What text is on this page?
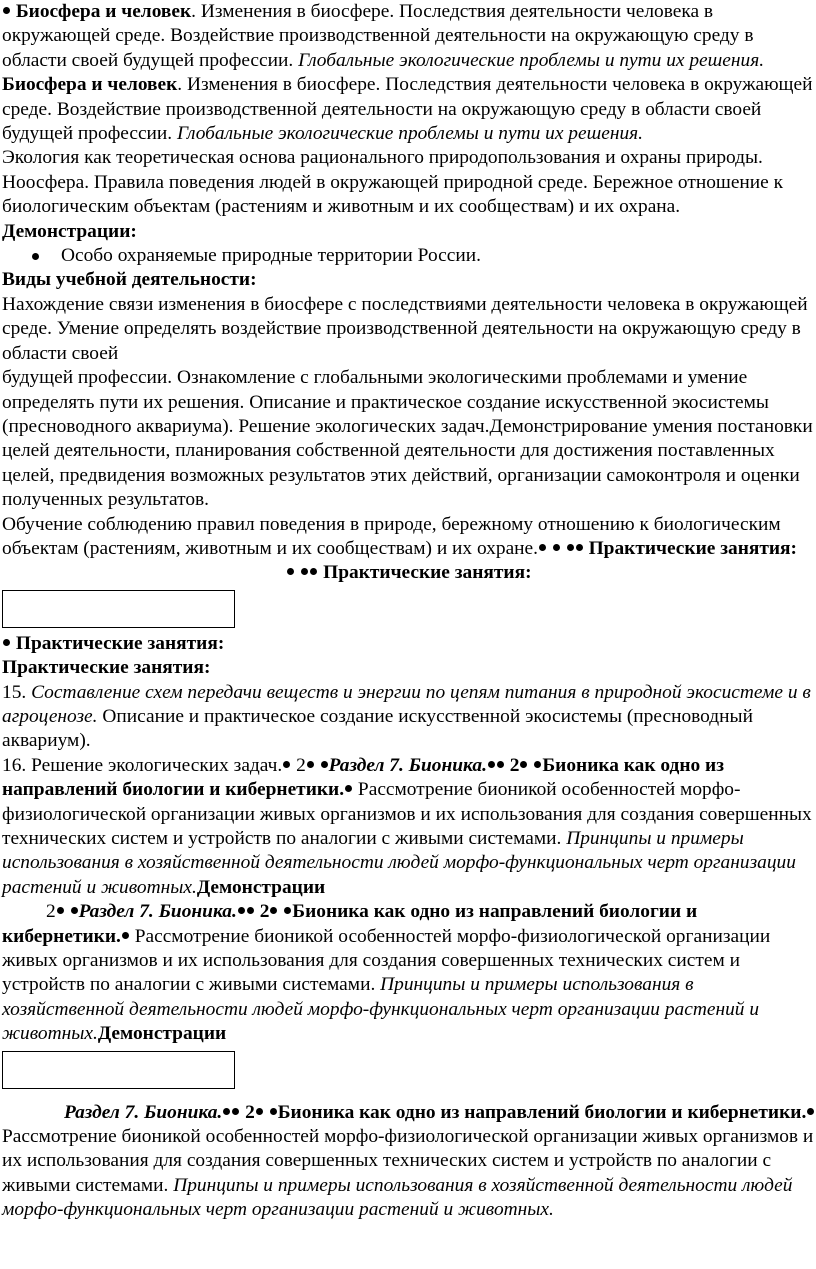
Биосфера и человек. Изменения в биосфере. Последствия деятельности человека в окружающей среде. Воздействие производственной деятельности на окружающую среду в области своей будущей профессии. Глобальные экологические проблемы и пути их решения.

Биосфера и человек. Изменения в биосфере. Последствия деятельности человека в окружающей среде. Воздействие производственной деятельности на окружающую среду в области своей будущей профессии. Глобальные экологические проблемы и пути их решения.

Экология как теоретическая основа рационального природопользования и охраны природы. Ноосфера. Правила поведения людей в окружающей природной среде. Бережное отношение к биологическим объектам (растениям и животным и их сообществам) и их охрана.

Демонстрации:

Особо охраняемые природные территории России.

Виды учебной деятельности:

Нахождение связи изменения в биосфере с последствиями деятельности человека в окружающей среде. Умение определять воздействие производственной деятельности на окружающую среду в области своей

будущей профессии. Ознакомление с глобальными экологическими проблемами и умение определять пути их решения. Описание и практическое создание искусственной экосистемы (пресноводного аквариума). Решение экологических задач.Демонстрирование умения постановки целей деятельности, планирования собственной деятельности для достижения поставленных целей, предвидения возможных результатов этих действий, организации самоконтроля и оценки полученных результатов.

Обучение соблюдению правил поведения в природе, бережному отношению к биологическим объектам (растениям, животным и их сообществам) и их охране.	Практические занятия:

Практические занятия:

Практические занятия:

Практические занятия:

15. Составление схем передачи веществ и энергии по цепям питания в природной экосистеме и в агроценозе. Описание и практическое создание искусственной экосистемы (пресноводный аквариум).

16. Решение экологических задач. 2 Раздел 7. Бионика. 2 Бионика как одно из направлений биологии и кибернетики. Рассмотрение бионикой особенностей морфо-физиологической организации живых организмов и их использования для создания совершенных технических систем и устройств по аналогии с живыми системами. Принципы и примеры использования в хозяйственной деятельности людей морфо-функциональных черт организации растений и животных.Демонстрации

2 Раздел 7. Бионика. 2 Бионика как одно из направлений биологии и кибернетики. Рассмотрение бионикой особенностей морфо-физиологической организации живых организмов и их использования для создания совершенных технических систем и устройств по аналогии с живыми системами. Принципы и примеры использования в хозяйственной деятельности людей морфо-функциональных черт организации растений и животных.Демонстрации

Раздел 7. Бионика. 2 Бионика как одно из направлений биологии и кибернетики. Рассмотрение бионикой особенностей морфо-физиологической организации живых организмов и их использования для создания совершенных технических систем и устройств по аналогии с живыми системами. Принципы и примеры использования в хозяйственной деятельности людей морфо-функциональных черт организации растений и животных.
